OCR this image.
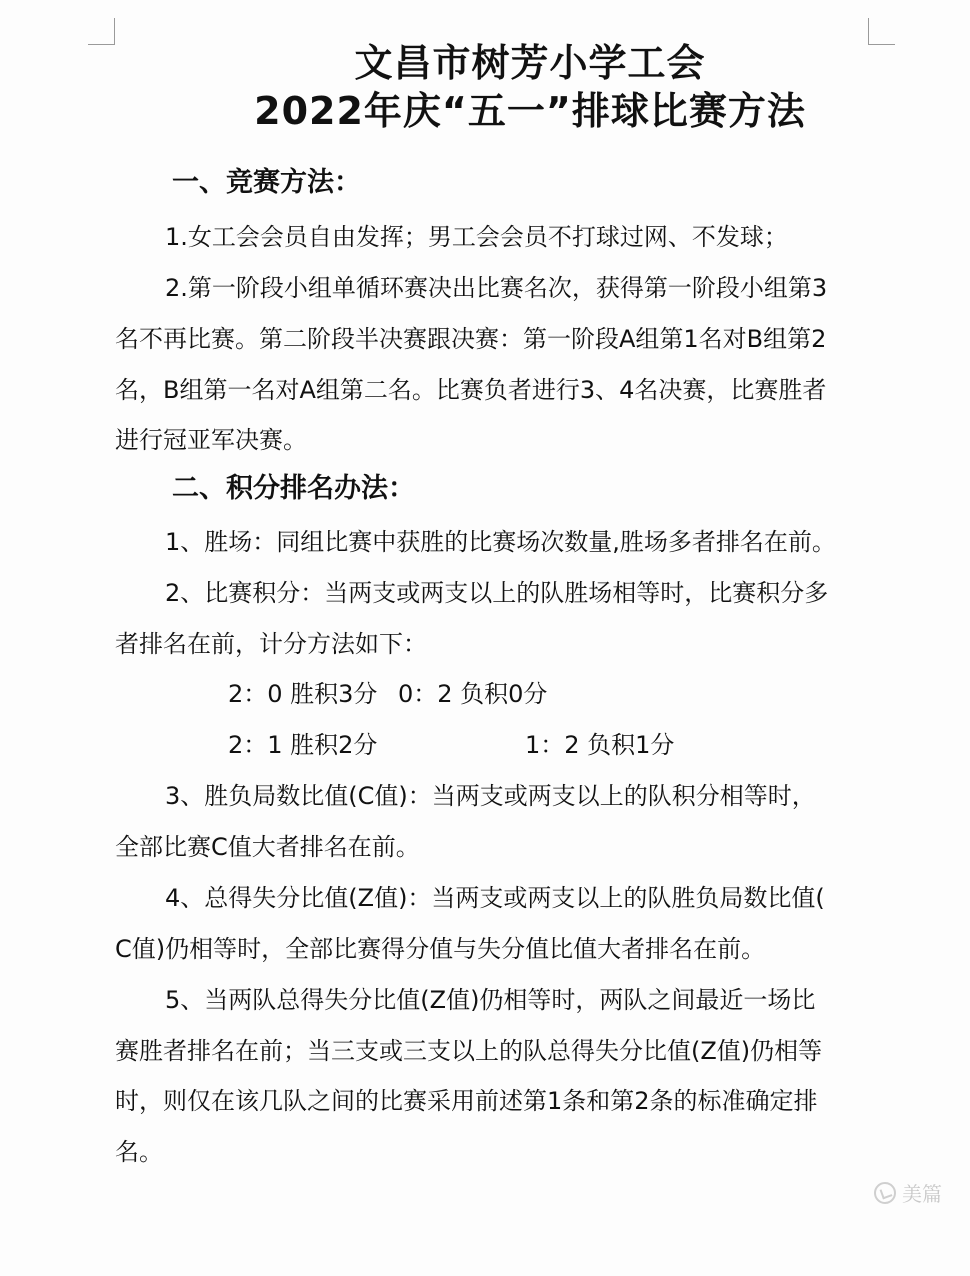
文昌市树芳小学工会
2022年庆“五一”排球比赛方法
一、竞赛方法：
1.女工会会员自由发挥；男工会会员不打球过网、不发球；
2.第一阶段小组单循环赛决出比赛名次，获得第一阶段小组第3
名不再比赛。第二阶段半决赛跟决赛：第一阶段A组第1名对B组第2
名，B组第一名对A组第二名。比赛负者进行3、4名决赛，比赛胜者
进行冠亚军决赛。
二、积分排名办法：
1、胜场：同组比赛中获胜的比赛场次数量,胜场多者排名在前。
2、比赛积分：当两支或两支以上的队胜场相等时，比赛积分多
者排名在前，计分方法如下：
2：0 胜积3分 0：2 负积0分
2：1 胜积2分	1：2 负积1分
3、胜负局数比值(C值)：当两支或两支以上的队积分相等时，
全部比赛C值大者排名在前。
4、总得失分比值(Z值)：当两支或两支以上的队胜负局数比值(
C值)仍相等时，全部比赛得分值与失分值比值大者排名在前。
5、当两队总得失分比值(Z值)仍相等时，两队之间最近一场比
赛胜者排名在前；当三支或三支以上的队总得失分比值(Z值)仍相等
时，则仅在该几队之间的比赛采用前述第1条和第2条的标准确定排
名。
美篇
